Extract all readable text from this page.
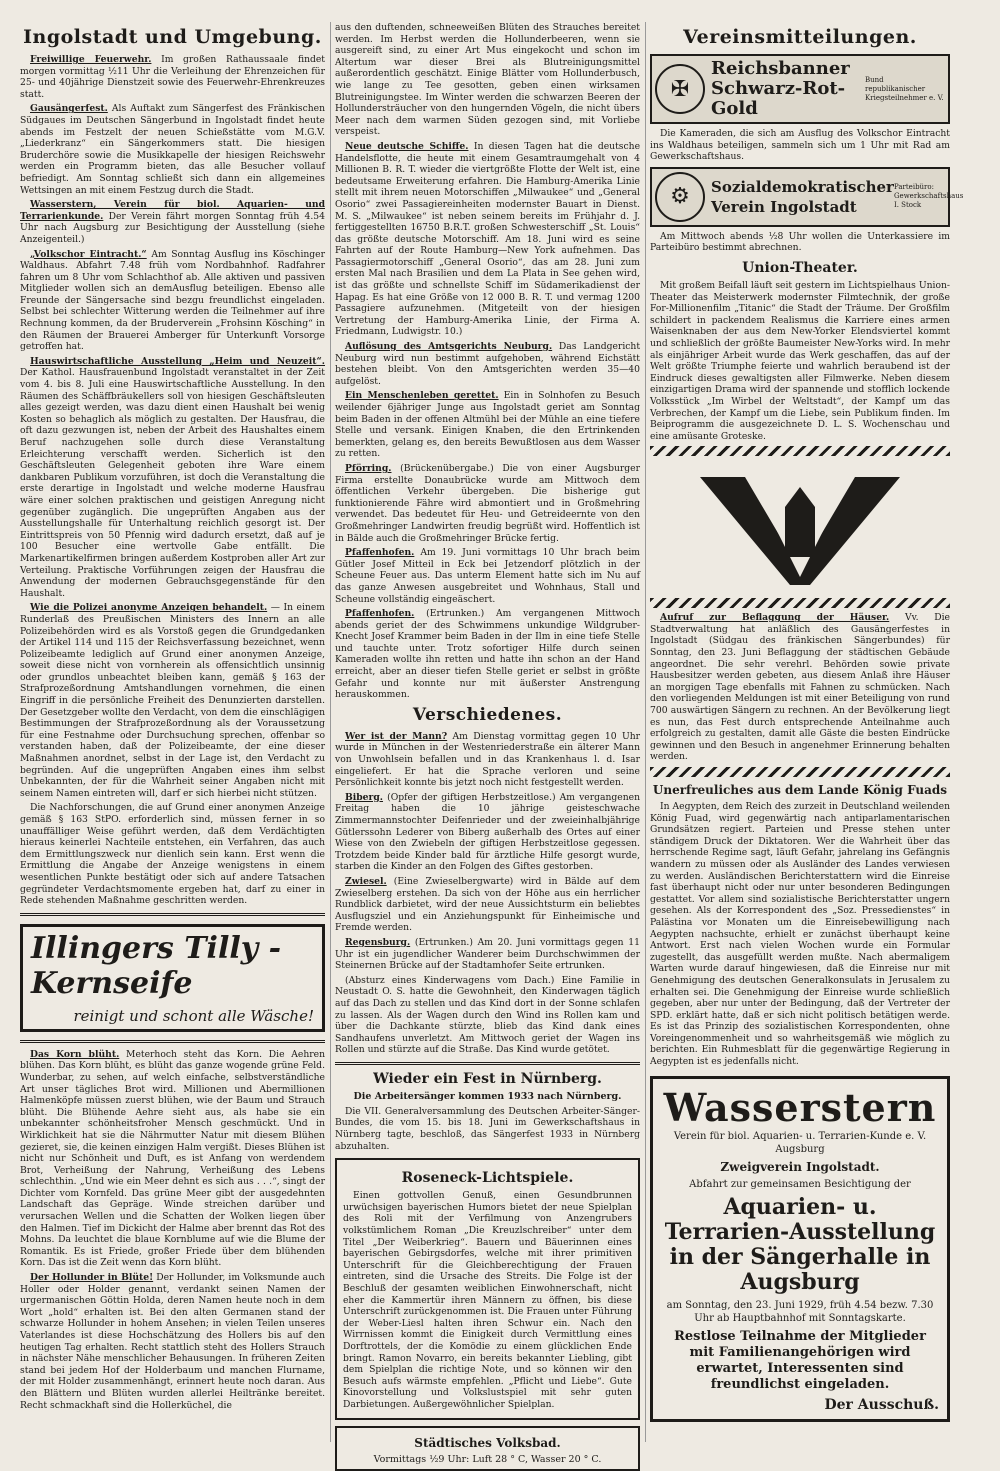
Ingolstadt und Umgebung.

Freiwillige Feuerwehr. Im großen Rathaussaale findet morgen vormittag ½11 Uhr die Verleihung der Ehrenzeichen für 25- und 40jährige Dienstzeit sowie des Feuerwehr-Ehrenkreuzes statt.

Gausängerfest. Als Auftakt zum Sängerfest des Fränkischen Südgaues im Deutschen Sängerbund in Ingolstadt findet heute abends im Festzelt der neuen Schießstätte vom M.G.V. „Liederkranz“ ein Sängerkommers statt. Die hiesigen Bruderchöre sowie die Musikkapelle der hiesigen Reichswehr werden ein Programm bieten, das alle Besucher vollauf befriedigt. Am Sonntag schließt sich dann ein allgemeines Wettsingen an mit einem Festzug durch die Stadt.

Wasserstern, Verein für biol. Aquarien- und Terrarienkunde. Der Verein fährt morgen Sonntag früh 4.54 Uhr nach Augsburg zur Besichtigung der Ausstellung (siehe Anzeigenteil.)

„Volkschor Eintracht.“ Am Sonntag Ausflug ins Köschinger Waldhaus. Abfahrt 7.48 früh vom Nordbahnhof. Radfahrer fahren um 8 Uhr vom Schlachthof ab. Alle aktiven und passiven Mitglieder wollen sich an demAusflug beteiligen. Ebenso alle Freunde der Sängersache sind bezgu freundlichst eingeladen. Selbst bei schlechter Witterung werden die Teilnehmer auf ihre Rechnung kommen, da der Bruderverein „Frohsinn Kösching“ in den Räumen der Brauerei Amberger für Unterkunft Vorsorge getroffen hat.

Hauswirtschaftliche Ausstellung „Heim und Neuzeit“. Der Kathol. Hausfrauenbund Ingolstadt veranstaltet in der Zeit vom 4. bis 8. Juli eine Hauswirtschaftliche Ausstellung. In den Räumen des Schäffbräukellers soll von hiesigen Geschäftsleuten alles gezeigt werden, was dazu dient einen Haushalt bei wenig Kosten so behaglich als möglich zu gestalten. Der Hausfrau, die oft dazu gezwungen ist, neben der Arbeit des Haushaltes einem Beruf nachzugehen solle durch diese Veranstaltung Erleichterung verschafft werden. Sicherlich ist den Geschäftsleuten Gelegenheit geboten ihre Ware einem dankbaren Publikum vorzuführen, ist doch die Veranstaltung die erste derartige in Ingolstadt und welche moderne Hausfrau wäre einer solchen praktischen und geistigen Anregung nicht gegenüber zugänglich. Die ungeprüften Angaben aus der Ausstellungshalle für Unterhaltung reichlich gesorgt ist. Der Eintrittspreis von 50 Pfennig wird dadurch ersetzt, daß auf je 100 Besucher eine wertvolle Gabe entfällt. Die Markenartikelfirmen bringen außerdem Kostproben aller Art zur Verteilung. Praktische Vorführungen zeigen der Hausfrau die Anwendung der modernen Gebrauchsgegenstände für den Haushalt.

Wie die Polizei anonyme Anzeigen behandelt. — In einem Runderlaß des Preußischen Ministers des Innern an alle Polizeibehörden wird es als Vorstoß gegen die Grundgedanken der Artikel 114 und 115 der Reichsverfassung bezeichnet, wenn Polizeibeamte lediglich auf Grund einer anonymen Anzeige, soweit diese nicht von vornherein als offensichtlich unsinnig oder grundlos unbeachtet bleiben kann, gemäß § 163 der Strafprozeßordnung Amtshandlungen vornehmen, die einen Eingriff in die persönliche Freiheit des Denunzierten darstellen. Der Gesetzgeber wollte den Verdacht, von dem die einschlägigen Bestimmungen der Strafprozeßordnung als der Voraussetzung für eine Festnahme oder Durchsuchung sprechen, offenbar so verstanden haben, daß der Polizeibeamte, der eine dieser Maßnahmen anordnet, selbst in der Lage ist, den Verdacht zu begründen. Auf die ungeprüften Angaben eines ihm selbst Unbekannten, der für die Wahrheit seiner Angaben nicht mit seinem Namen eintreten will, darf er sich hierbei nicht stützen.

Die Nachforschungen, die auf Grund einer anonymen Anzeige gemäß § 163 StPO. erforderlich sind, müssen ferner in so unauffälliger Weise geführt werden, daß dem Verdächtigten hieraus keinerlei Nachteile entstehen, ein Verfahren, das auch dem Ermittlungszweck nur dienlich sein kann. Erst wenn die Ermittlung die Angabe der Anzeige wenigstens in einem wesentlichen Punkte bestätigt oder sich auf andere Tatsachen gegründeter Verdachtsmomente ergeben hat, darf zu einer in Rede stehenden Maßnahme geschritten werden.

Illingers Tilly - Kernseife
reinigt und schont alle Wäsche!

Das Korn blüht. Meterhoch steht das Korn. Die Aehren blühen. Das Korn blüht, es blüht das ganze wogende grüne Feld. Wunderbar, zu sehen, auf welch einfache, selbstverständliche Art unser tägliches Brot wird. Millionen und Abermillionen Halmenköpfe müssen zuerst blühen, wie der Baum und Strauch blüht. Die Blühende Aehre sieht aus, als habe sie ein unbekannter schönheitsfroher Mensch geschmückt. Und in Wirklichkeit hat sie die Nährmutter Natur mit diesem Blühen gezieret, sie, die keinen einzigen Halm vergißt. Dieses Blühen ist nicht nur Schönheit und Duft, es ist Anfang von werdendem Brot, Verheißung der Nahrung, Verheißung des Lebens schlechthin. „Und wie ein Meer dehnt es sich aus . . .“, singt der Dichter vom Kornfeld. Das grüne Meer gibt der ausgedehnten Landschaft das Gepräge. Winde streichen darüber und verursachen Wellen und die Schatten der Wolken liegen über den Halmen. Tief im Dickicht der Halme aber brennt das Rot des Mohns. Da leuchtet die blaue Kornblume auf wie die Blume der Romantik. Es ist Friede, großer Friede über dem blühenden Korn. Das ist die Zeit wenn das Korn blüht.

Der Hollunder in Blüte! Der Hollunder, im Volksmunde auch Holler oder Holder genannt, verdankt seinen Namen der urgermanischen Göttin Holda, deren Namen heute noch in dem Wort „hold“ erhalten ist. Bei den alten Germanen stand der schwarze Hollunder in hohem Ansehen; in vielen Teilen unseres Vaterlandes ist diese Hochschätzung des Hollers bis auf den heutigen Tag erhalten. Recht stattlich steht des Hollers Strauch in nächster Nähe menschlicher Behausungen. In früheren Zeiten stand bei jedem Hof der Holderbaum und manchen Flurname, der mit Holder zusammenhängt, erinnert heute noch daran. Aus den Blättern und Blüten wurden allerlei Heiltränke bereitet. Recht schmackhaft sind die Hollerküchel, die

aus den duftenden, schneeweißen Blüten des Strauches bereitet werden. Im Herbst werden die Hollunderbeeren, wenn sie ausgereift sind, zu einer Art Mus eingekocht und schon im Altertum war dieser Brei als Blutreinigungsmittel außerordentlich geschätzt. Einige Blätter vom Hollunderbusch, wie lange zu Tee gesotten, geben einen wirksamen Blutreinigungstee. Im Winter werden die schwarzen Beeren der Hollundersträucher von den hungernden Vögeln, die nicht übers Meer nach dem warmen Süden gezogen sind, mit Vorliebe verspeist.

Neue deutsche Schiffe. In diesen Tagen hat die deutsche Handelsflotte, die heute mit einem Gesamtraumgehalt von 4 Millionen B. R. T. wieder die viertgrößte Flotte der Welt ist, eine bedeutsame Erweiterung erfahren. Die Hamburg-Amerika Linie stellt mit ihrem neuen Motorschiffen „Milwaukee“ und „General Osorio“ zwei Passagiereinheiten modernster Bauart in Dienst. M. S. „Milwaukee“ ist neben seinem bereits im Frühjahr d. J. fertiggestellten 16750 B.R.T. großen Schwesterschiff „St. Louis“ das größte deutsche Motorschiff. Am 18. Juni wird es seine Fahrten auf der Route Hamburg—New York aufnehmen. Das Passagiermotorschiff „General Osorio“, das am 28. Juni zum ersten Mal nach Brasilien und dem La Plata in See gehen wird, ist das größte und schnellste Schiff im Südamerikadienst der Hapag. Es hat eine Größe von 12 000 B. R. T. und vermag 1200 Passagiere aufzunehmen. (Mitgeteilt von der hiesigen Vertretung der Hamburg-Amerika Linie, der Firma A. Friedmann, Ludwigstr. 10.)

Auflösung des Amtsgerichts Neuburg. Das Landgericht Neuburg wird nun bestimmt aufgehoben, während Eichstätt bestehen bleibt. Von den Amtsgerichten werden 35—40 aufgelöst.

Ein Menschenleben gerettet. Ein in Solnhofen zu Besuch weilender 6jähriger Junge aus Ingolstadt geriet am Sonntag beim Baden in der offenen Altmühl bei der Mühle an eine tiefere Stelle und versank. Einigen Knaben, die den Ertrinkenden bemerkten, gelang es, den bereits Bewußtlosen aus dem Wasser zu retten.

Pförring. (Brückenübergabe.) Die von einer Augsburger Firma erstellte Donaubrücke wurde am Mittwoch dem öffentlichen Verkehr übergeben. Die bisherige gut funktionierende Fähre wird abmontiert und in Großmehring verwendet. Das bedeutet für Heu- und Getreideernte von den Großmehringer Landwirten freudig begrüßt wird. Hoffentlich ist in Bälde auch die Großmehringer Brücke fertig.

Pfaffenhofen. Am 19. Juni vormittags 10 Uhr brach beim Gütler Josef Mitteil in Eck bei Jetzendorf plötzlich in der Scheune Feuer aus. Das unterm Element hatte sich im Nu auf das ganze Anwesen ausgebreitet und Wohnhaus, Stall und Scheune vollständig eingeäschert.

Pfaffenhofen. (Ertrunken.) Am vergangenen Mittwoch abends geriet der des Schwimmens unkundige Wildgruber-Knecht Josef Krammer beim Baden in der Ilm in eine tiefe Stelle und tauchte unter. Trotz sofortiger Hilfe durch seinen Kameraden wollte ihn retten und hatte ihn schon an der Hand erreicht, aber an dieser tiefen Stelle geriet er selbst in größte Gefahr und konnte nur mit äußerster Anstrengung herauskommen.

Verschiedenes.

Wer ist der Mann? Am Dienstag vormittag gegen 10 Uhr wurde in München in der Westenriederstraße ein älterer Mann von Unwohlsein befallen und in das Krankenhaus l. d. Isar eingeliefert. Er hat die Sprache verloren und seine Persönlichkeit konnte bis jetzt noch nicht festgestellt werden.

Biberg. (Opfer der giftigen Herbstzeitlose.) Am vergangenen Freitag haben die 10 jährige geisteschwache Zimmermannstochter Deifenrieder und der zweieinhalbjährige Gütlerssohn Lederer von Biberg außerhalb des Ortes auf einer Wiese von den Zwiebeln der giftigen Herbstzeitlose gegessen. Trotzdem beide Kinder bald für ärztliche Hilfe gesorgt wurde, starben die Kinder an den Folgen des Giftes gestorben.

Zwiesel. (Eine Zwieselbergwarte) wird in Bälde auf dem Zwieselberg erstehen. Da sich von der Höhe aus ein herrlicher Rundblick darbietet, wird der neue Aussichtsturm ein beliebtes Ausflugsziel und ein Anziehungspunkt für Einheimische und Fremde werden.

Regensburg. (Ertrunken.) Am 20. Juni vormittags gegen 11 Uhr ist ein jugendlicher Wanderer beim Durchschwimmen der Steinernen Brücke auf der Stadtamhofer Seite ertrunken.

(Absturz eines Kinderwagens vom Dach.) Eine Familie in Neustadt O. S. hatte die Gewohnheit, den Kinderwagen täglich auf das Dach zu stellen und das Kind dort in der Sonne schlafen zu lassen. Als der Wagen durch den Wind ins Rollen kam und über die Dachkante stürzte, blieb das Kind dank eines Sandhaufens unverletzt. Am Mittwoch geriet der Wagen ins Rollen und stürzte auf die Straße. Das Kind wurde getötet.

Wieder ein Fest in Nürnberg.
Die Arbeitersänger kommen 1933 nach Nürnberg.

Die VII. Generalversammlung des Deutschen Arbeiter-Sänger-Bundes, die vom 15. bis 18. Juni im Gewerkschaftshaus in Nürnberg tagte, beschloß, das Sängerfest 1933 in Nürnberg abzuhalten.

Roseneck-Lichtspiele.

Einen gottvollen Genuß, einen Gesundbrunnen urwüchsigen bayerischen Humors bietet der neue Spielplan des Roli mit der Verfilmung von Anzengrubers volkstümlichem Roman „Die Kreuzlschreiber“ unter dem Titel „Der Weiberkrieg“. Bauern und Bäuerinnen eines bayerischen Gebirgsdorfes, welche mit ihrer primitiven Unterschrift für die Gleichberechtigung der Frauen eintreten, sind die Ursache des Streits. Die Folge ist der Beschluß der gesamten weiblichen Einwohnerschaft, nicht eher die Kammertür ihren Männern zu öffnen, bis diese Unterschrift zurückgenommen ist. Die Frauen unter Führung der Weber-Liesl halten ihren Schwur ein. Nach den Wirrnissen kommt die Einigkeit durch Vermittlung eines Dorftrottels, der die Komödie zu einem glücklichen Ende bringt. Ramon Novarro, ein bereits bekannter Liebling, gibt dem Spielplan die richtige Note, und so können wir den Besuch aufs wärmste empfehlen. „Pflicht und Liebe“. Gute Kinovorstellung und Volkslustspiel mit sehr guten Darbietungen. Außergewöhnlicher Spielplan.

Städtisches Volksbad.
Vormittags ½9 Uhr: Luft 28 ° C, Wasser 20 ° C.
Vereinsmitteilungen.
✠
Reichsbanner Schwarz-Rot-Gold
Bund republikanischer Kriegsteilnehmer e. V.

Die Kameraden, die sich am Ausflug des Volkschor Eintracht ins Waldhaus beteiligen, sammeln sich um 1 Uhr mit Rad am Gewerkschaftshaus.

⚙	Sozialdemokratischer Verein Ingolstadt
Parteibüro: Gewerkschaftshaus I. Stock

Am Mittwoch abends ½8 Uhr wollen die Unterkassiere im Parteibüro bestimmt abrechnen.

Union-Theater.

Mit großem Beifall läuft seit gestern im Lichtspielhaus Union-Theater das Meisterwerk modernster Filmtechnik, der große For-Millionenfilm „Titanic“ die Stadt der Träume. Der Großfilm schildert in packendem Realismus die Karriere eines armen Waisenknaben der aus dem New-Yorker Elendsviertel kommt und schließlich der größte Baumeister New-Yorks wird. In mehr als einjähriger Arbeit wurde das Werk geschaffen, das auf der Welt größte Triumphe feierte und wahrlich beraubend ist der Eindruck dieses gewaltigsten aller Filmwerke. Neben diesem einzigartigen Drama wird der spannende und stofflich lockende Volksstück „Im Wirbel der Weltstadt“, der Kampf um das Verbrechen, der Kampf um die Liebe, sein Publikum finden. Im Beiprogramm die ausgezeichnete D. L. S. Wochenschau und eine amüsante Groteske.

Aufruf zur Beflaggung der Häuser. Vv. Die Stadtverwaltung hat anläßlich des Gausängerfestes in Ingolstadt (Südgau des fränkischen Sängerbundes) für Sonntag, den 23. Juni Beflaggung der städtischen Gebäude angeordnet. Die sehr verehrl. Behörden sowie private Hausbesitzer werden gebeten, aus diesem Anlaß ihre Häuser an morgigen Tage ebenfalls mit Fahnen zu schmücken. Nach den vorliegenden Meldungen ist mit einer Beteiligung von rund 700 auswärtigen Sängern zu rechnen. An der Bevölkerung liegt es nun, das Fest durch entsprechende Anteilnahme auch erfolgreich zu gestalten, damit alle Gäste die besten Eindrücke gewinnen und den Besuch in angenehmer Erinnerung behalten werden.

Unerfreuliches aus dem Lande König Fuads

In Aegypten, dem Reich des zurzeit in Deutschland weilenden König Fuad, wird gegenwärtig nach antiparlamentarischen Grundsätzen regiert. Parteien und Presse stehen unter ständigem Druck der Diktatoren. Wer die Wahrheit über das herrschende Regime sagt, läuft Gefahr, jahrelang ins Gefängnis wandern zu müssen oder als Ausländer des Landes verwiesen zu werden. Ausländischen Berichterstattern wird die Einreise fast überhaupt nicht oder nur unter besonderen Bedingungen gestattet. Vor allem sind sozialistische Berichterstatter ungern gesehen. Als der Korrespondent des „Soz. Pressedienstes“ in Palästina vor Monaten um die Einreisebewilligung nach Aegypten nachsuchte, erhielt er zunächst überhaupt keine Antwort. Erst nach vielen Wochen wurde ein Formular zugestellt, das ausgefüllt werden mußte. Nach abermaligem Warten wurde darauf hingewiesen, daß die Einreise nur mit Genehmigung des deutschen Generalkonsulats in Jerusalem zu erhalten sei. Die Genehmigung der Einreise wurde schließlich gegeben, aber nur unter der Bedingung, daß der Vertreter der SPD. erklärt hatte, daß er sich nicht politisch betätigen werde. Es ist das Prinzip des sozialistischen Korrespondenten, ohne Voreingenommenheit und so wahrheitsgemäß wie möglich zu berichten. Ein Ruhmesblatt für die gegenwärtige Regierung in Aegypten ist es jedenfalls nicht.

Wasserstern
Verein für biol. Aquarien- u. Terrarien-Kunde e. V. Augsburg
Zweigverein Ingolstadt.
Abfahrt zur gemeinsamen Besichtigung der
Aquarien- u. Terrarien-Ausstellung in der Sängerhalle in Augsburg
am Sonntag, den 23. Juni 1929, früh 4.54 bezw. 7.30 Uhr ab Hauptbahnhof mit Sonntagskarte.
Restlose Teilnahme der Mitglieder mit Familienangehörigen wird erwartet, Interessenten sind freundlichst eingeladen.
Der Ausschuß.
